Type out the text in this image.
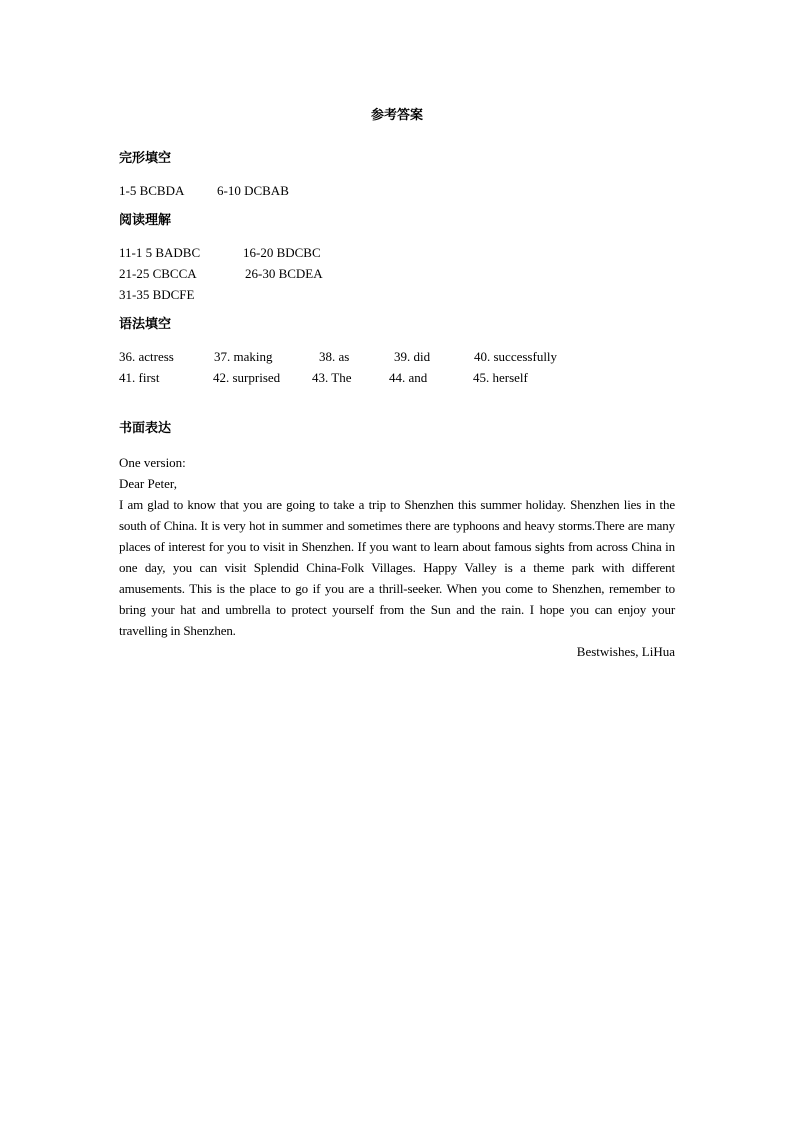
参考答案
完形填空
1-5 BCBDA	6-10 DCBAB
阅读理解
11-1 5 BADBC	16-20 BDCBC
21-25 CBCCA	26-30 BCDEA
31-35 BDCFE
语法填空
36. actress	37. making	38. as	39. did	40. successfully
41. first	42. surprised 43. The	44. and	45. herself
书面表达

One version:

Dear Peter,

I am glad to know that you are going to take a trip to Shenzhen this summer holiday. Shenzhen lies in the south of China. It is very hot in summer and sometimes there are typhoons and heavy storms.There are many places of interest for you to visit in Shenzhen. If you want to learn about famous sights from across China in one day, you can visit Splendid China-Folk Villages. Happy Valley is a theme park with different amusements. This is the place to go if you are a thrill-seeker. When you come to Shenzhen, remember to bring your hat and umbrella to protect yourself from the Sun and the rain. I hope you can enjoy your travelling in Shenzhen.

Bestwishes, LiHua
